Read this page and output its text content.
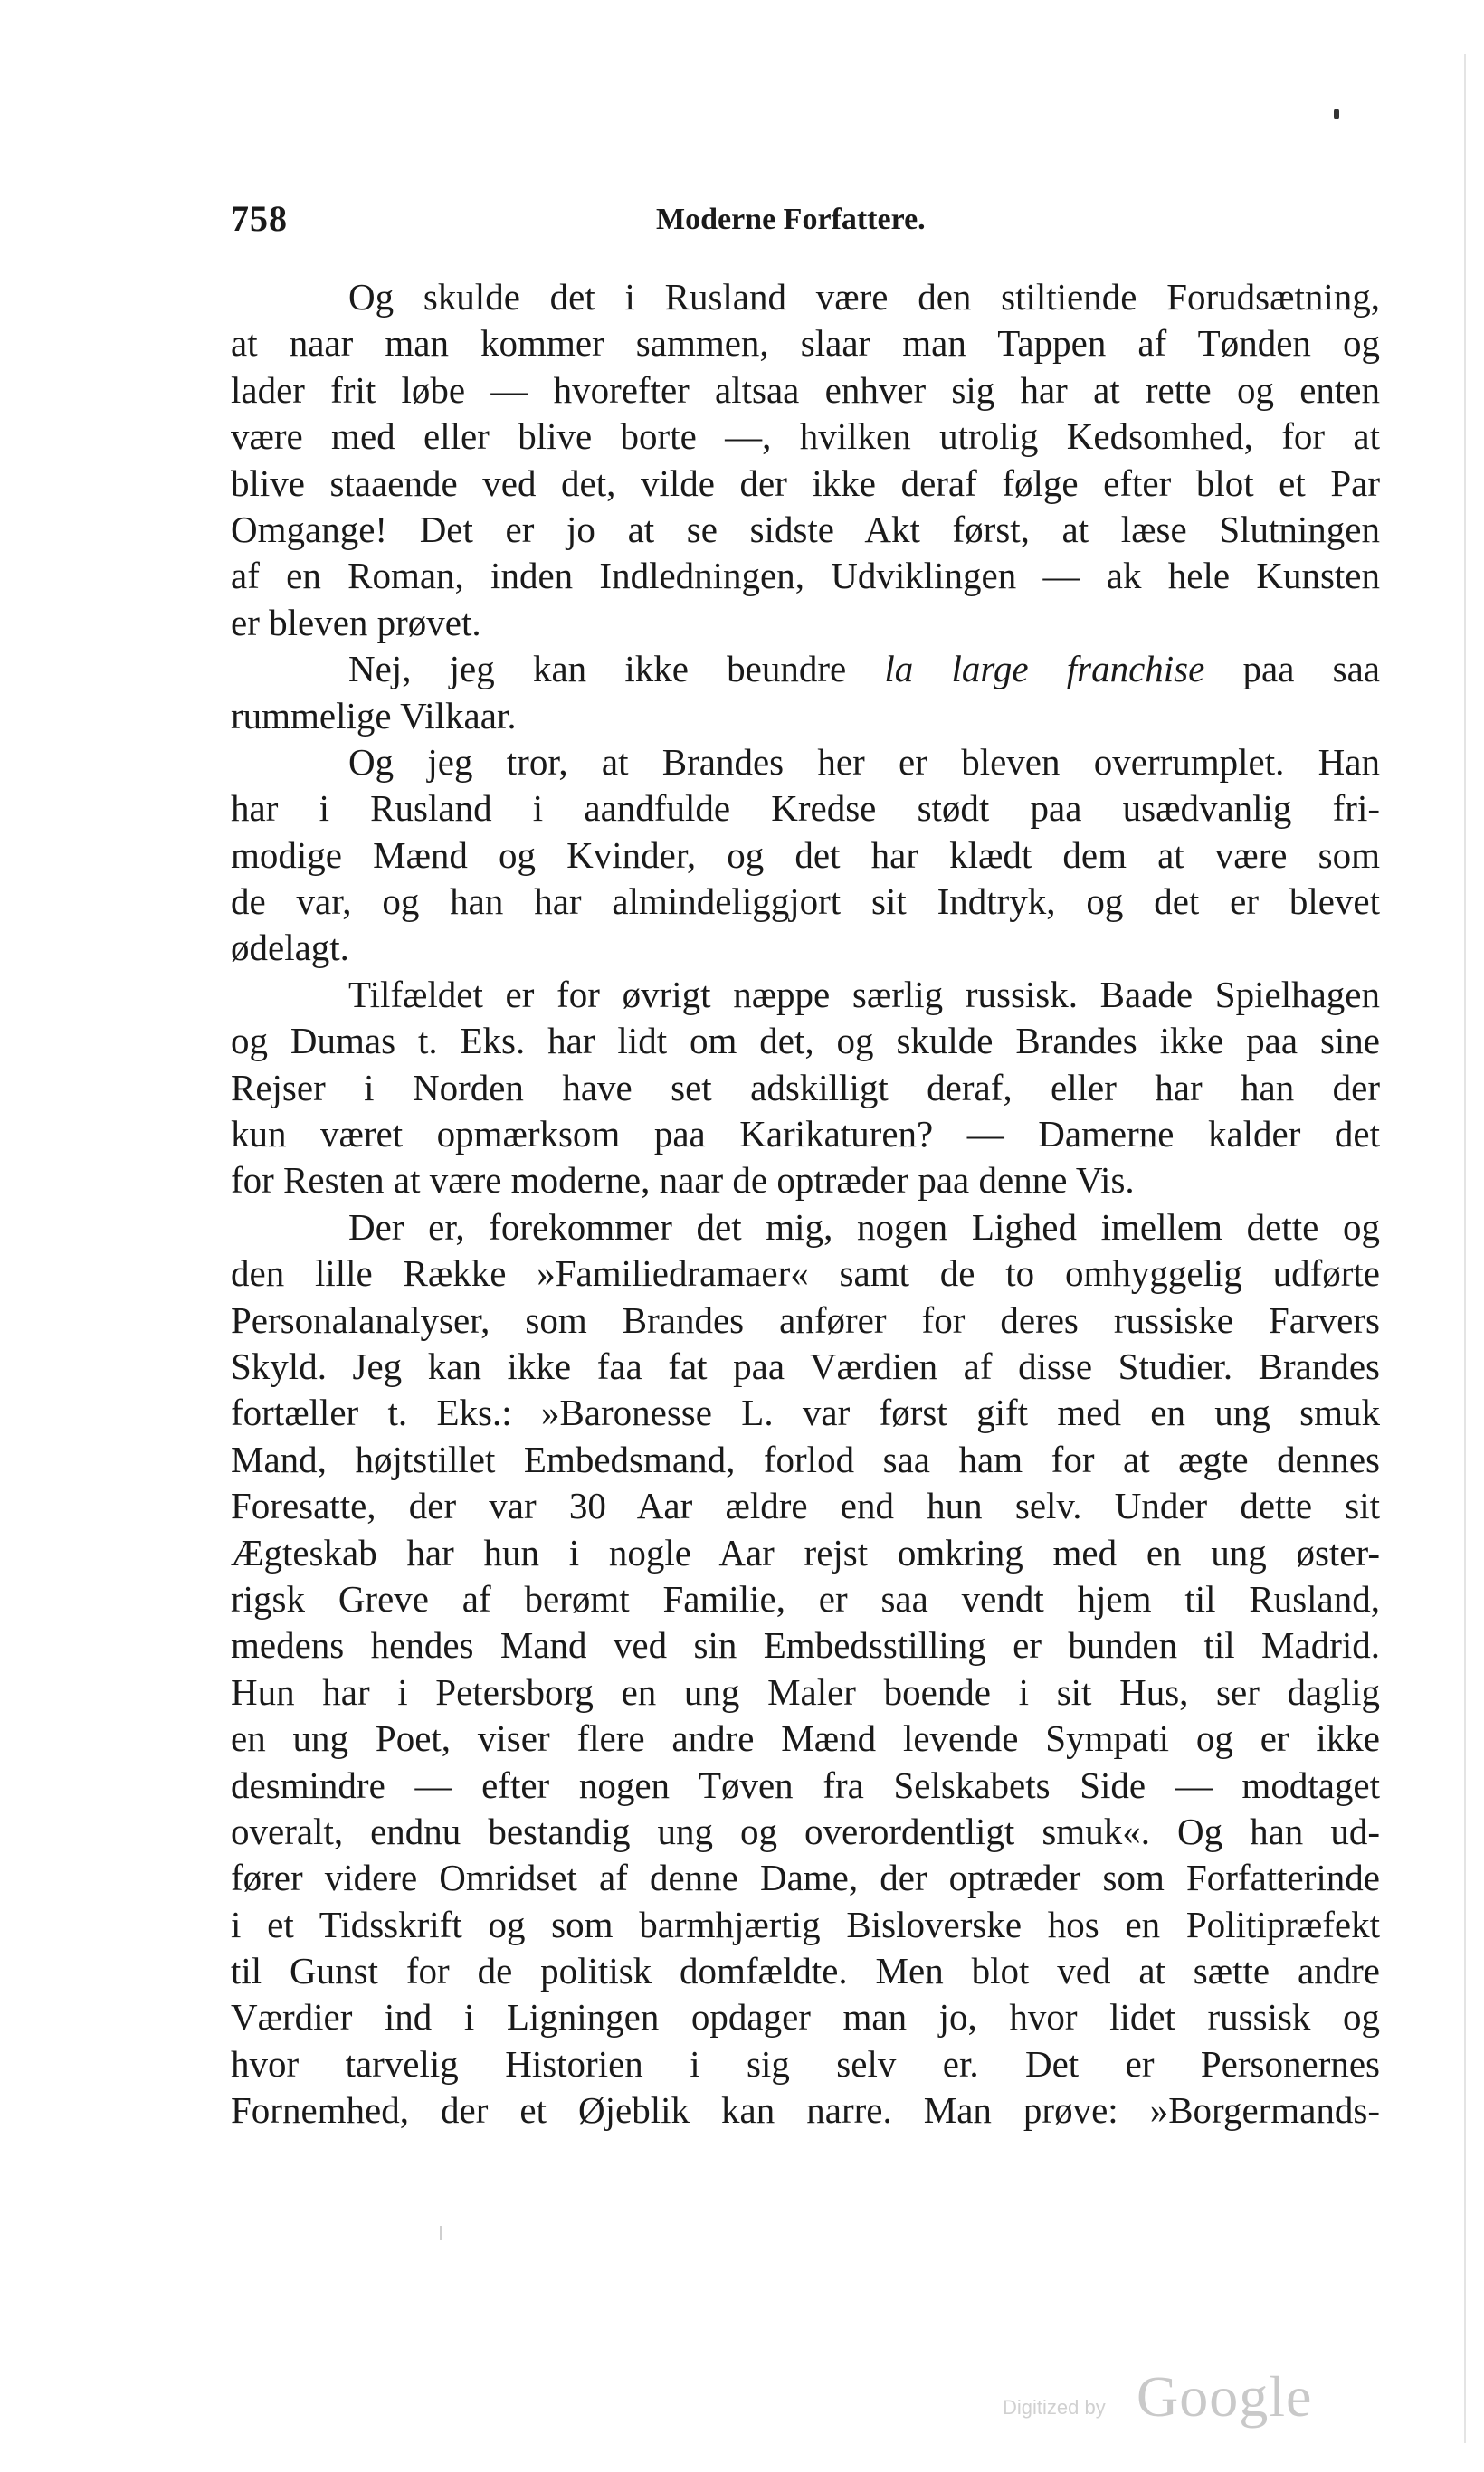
758	Moderne Forfattere.
Og skulde det i Rusland være den stiltiende Forudsætning,
at naar man kommer sammen, slaar man Tappen af Tønden og
lader frit løbe — hvorefter altsaa enhver sig har at rette og enten
være med eller blive borte —, hvilken utrolig Kedsomhed, for at
blive staaende ved det, vilde der ikke deraf følge efter blot et Par
Omgange! Det er jo at se sidste Akt først, at læse Slutningen
af en Roman, inden Indledningen, Udviklingen — ak hele Kunsten
er bleven prøvet.
Nej, jeg kan ikke beundre la large franchise paa saa
rummelige Vilkaar.
Og jeg tror, at Brandes her er bleven overrumplet. Han
har i Rusland i aandfulde Kredse stødt paa usædvanlig fri-
modige Mænd og Kvinder, og det har klædt dem at være som
de var, og han har almindeliggjort sit Indtryk, og det er blevet
ødelagt.
Tilfældet er for øvrigt næppe særlig russisk. Baade Spielhagen
og Dumas t. Eks. har lidt om det, og skulde Brandes ikke paa sine
Rejser i Norden have set adskilligt deraf, eller har han der
kun været opmærksom paa Karikaturen? — Damerne kalder det
for Resten at være moderne, naar de optræder paa denne Vis.
Der er, forekommer det mig, nogen Lighed imellem dette og
den lille Række »Familiedramaer« samt de to omhyggelig udførte
Personalanalyser, som Brandes anfører for deres russiske Farvers
Skyld. Jeg kan ikke faa fat paa Værdien af disse Studier. Brandes
fortæller t. Eks.: »Baronesse L. var først gift med en ung smuk
Mand, højtstillet Embedsmand, forlod saa ham for at ægte dennes
Foresatte, der var 30 Aar ældre end hun selv. Under dette sit
Ægteskab har hun i nogle Aar rejst omkring med en ung øster-
rigsk Greve af berømt Familie, er saa vendt hjem til Rusland,
medens hendes Mand ved sin Embedsstilling er bunden til Madrid.
Hun har i Petersborg en ung Maler boende i sit Hus, ser daglig
en ung Poet, viser flere andre Mænd levende Sympati og er ikke
desmindre — efter nogen Tøven fra Selskabets Side — modtaget
overalt, endnu bestandig ung og overordentligt smuk«. Og han ud-
fører videre Omridset af denne Dame, der optræder som Forfatterinde
i et Tidsskrift og som barmhjærtig Bisloverske hos en Politipræfekt
til Gunst for de politisk domfældte. Men blot ved at sætte andre
Værdier ind i Ligningen opdager man jo, hvor lidet russisk og
hvor tarvelig Historien i sig selv er. Det er Personernes
Fornemhed, der et Øjeblik kan narre. Man prøve: »Borgermands-
Digitized by Google
